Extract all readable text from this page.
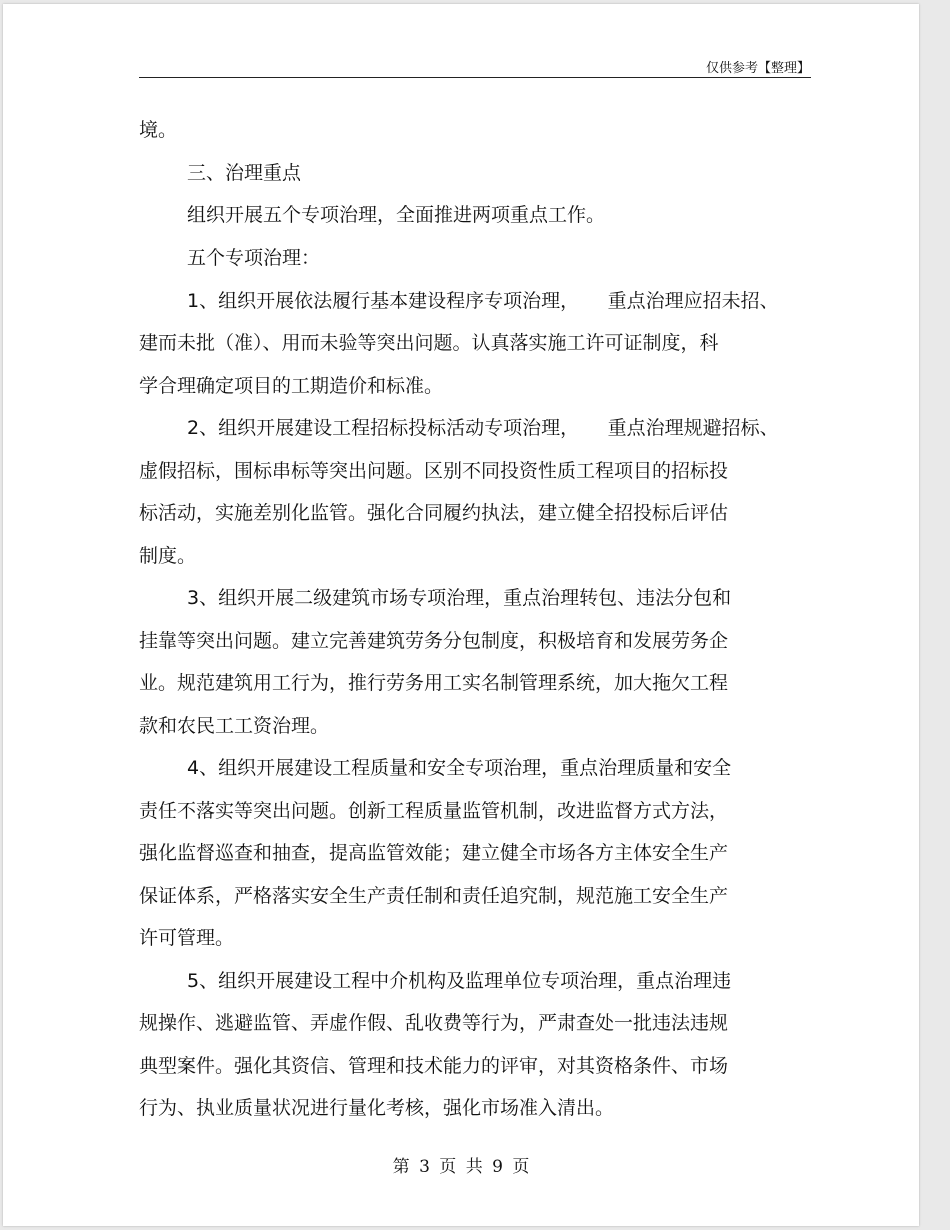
仅供参考【整理】
境。
三、治理重点
组织开展五个专项治理，全面推进两项重点工作。
五个专项治理：
1、组织开展依法履行基本建设程序专项治理，　　重点治理应招未招、
建而未批（准）、用而未验等突出问题。认真落实施工许可证制度，科
学合理确定项目的工期造价和标准。
2、组织开展建设工程招标投标活动专项治理，　　重点治理规避招标、
虚假招标，围标串标等突出问题。区别不同投资性质工程项目的招标投
标活动，实施差别化监管。强化合同履约执法，建立健全招投标后评估
制度。
3、组织开展二级建筑市场专项治理，重点治理转包、违法分包和
挂靠等突出问题。建立完善建筑劳务分包制度，积极培育和发展劳务企
业。规范建筑用工行为，推行劳务用工实名制管理系统，加大拖欠工程
款和农民工工资治理。
4、组织开展建设工程质量和安全专项治理，重点治理质量和安全
责任不落实等突出问题。创新工程质量监管机制，改进监督方式方法，
强化监督巡查和抽查，提高监管效能；建立健全市场各方主体安全生产
保证体系，严格落实安全生产责任制和责任追究制，规范施工安全生产
许可管理。
5、组织开展建设工程中介机构及监理单位专项治理，重点治理违
规操作、逃避监管、弄虚作假、乱收费等行为，严肃查处一批违法违规
典型案件。强化其资信、管理和技术能力的评审，对其资格条件、市场
行为、执业质量状况进行量化考核，强化市场准入清出。
第 3 页 共 9 页
